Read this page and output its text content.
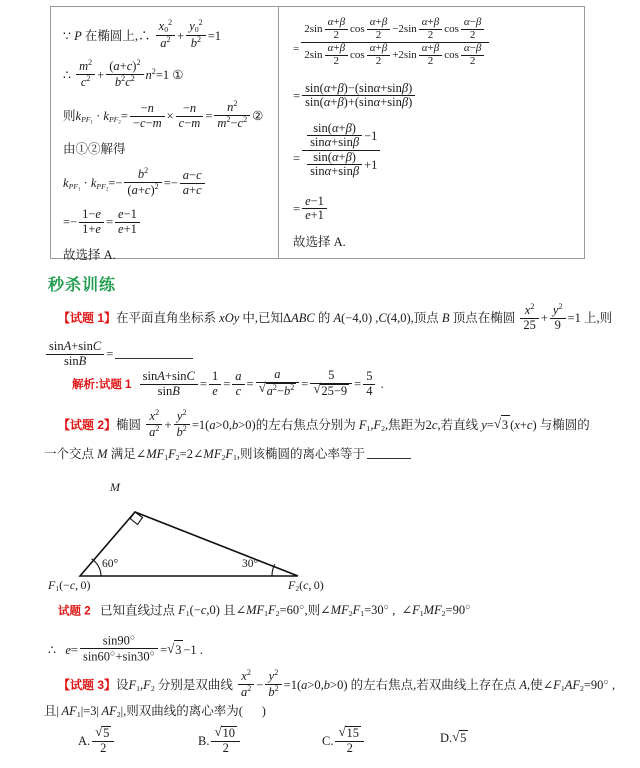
∵ P 在椭圆上,∴ $\frac{x_0^2}{a^2} + \frac{y_0^2}{b^2} =1$
∴ $\frac{m^2}{c^2} + \frac{(a+c)^2}{b^2c^2} n^2=1$ ①
则$k_{PF_1} \cdot k_{PF_2}= \frac{-n}{-c-m} \times \frac{-n}{c-m} = \frac{n^2}{m^2-c^2}$ ②
由①②解得
$k_{PF_1} \cdot k_{PF_2}=- \frac{b^2}{(a+c)^2} =- \frac{a-c}{a+c}$
=− $\frac{1-e}{1+e} = \frac{e-1}{e+1}$
故选择 A.
= $\frac{2\sin \frac{\alpha+\beta}{2} \cos \frac{\alpha+\beta}{2} -2\sin \frac{\alpha+\beta}{2} \cos \frac{\alpha-\beta}{2}}{2\sin \frac{\alpha+\beta}{2} \cos \frac{\alpha+\beta}{2} +2\sin \frac{\alpha+\beta}{2} \cos \frac{\alpha-\beta}{2}}$
= $\frac{\sin(\alpha+\beta)-(\sin\alpha+\sin\beta)}{\sin(\alpha+\beta)+(\sin\alpha+\sin\beta)}$
= $\frac{\frac{\sin(\alpha+\beta)}{\sin\alpha+\sin\beta} -1}{\frac{\sin(\alpha+\beta)}{\sin\alpha+\sin\beta} +1}$
= $\frac{e-1}{e+1}$
故选择 A.
秒杀训练
【试题 1】在平面直角坐标系 xOy 中,已知ΔABC 的 A(−4,0) ,C(4,0),顶点 B 顶点在椭圆 $\frac{x^2}{25} + \frac{y^2}{9} =1$ 上,则
$\frac{\sin A+\sin C}{\sin B}$ =
解析:试题 $1 \frac{\sin A+\sin C}{\sin B} = \frac{1}{e} = \frac{a}{c} = a$
√ $a^2-b^2 = 5$
√ $25-9 = \frac{5}{4}$ .
【试题 2】椭圆 $\frac{x^2}{a^2} + \frac{y^2}{b^2} =1(a>0,b>0)$的左右焦点分别为 $F_1,F_2$,焦距为2c,若直线 y= √ 3 (x+c) 与椭圆的
一个交点 M 满足$\angle MF_1F_2=2\angle MF_2F_1$,则该椭圆的离心率等于
M
60°	30°
$F_1(-c$, 0)	$F_2(c$, 0)
试题 2 已知直线过点 $F_1(-c,0)$ 且$\angle MF_1F_2=60^○$,则$\angle MF_2F_1=30^○$ ,  $\angle F_1MF_2=90^○$
∴   $e= \frac{\sin 90^○}{\sin 60^○+\sin 30^○}$ = √ 3 −1 .
【试题 3】设$F_1,F_2$ 分别是双曲线 $\frac{x^2}{a^2} - \frac{y^2}{b^2} =1(a>0,b>0)$ 的左右焦点,若双曲线上存在点 A,使$\angle F_1AF_2=90^○$ ,
且| $AF_1|=3|$ $AF_2|$,则双曲线的离心率为( )
A. √ $\frac{5}{2}$	B. √ $\frac{10}{2}$	C. √ $\frac{15}{2}$	D. √ 5
